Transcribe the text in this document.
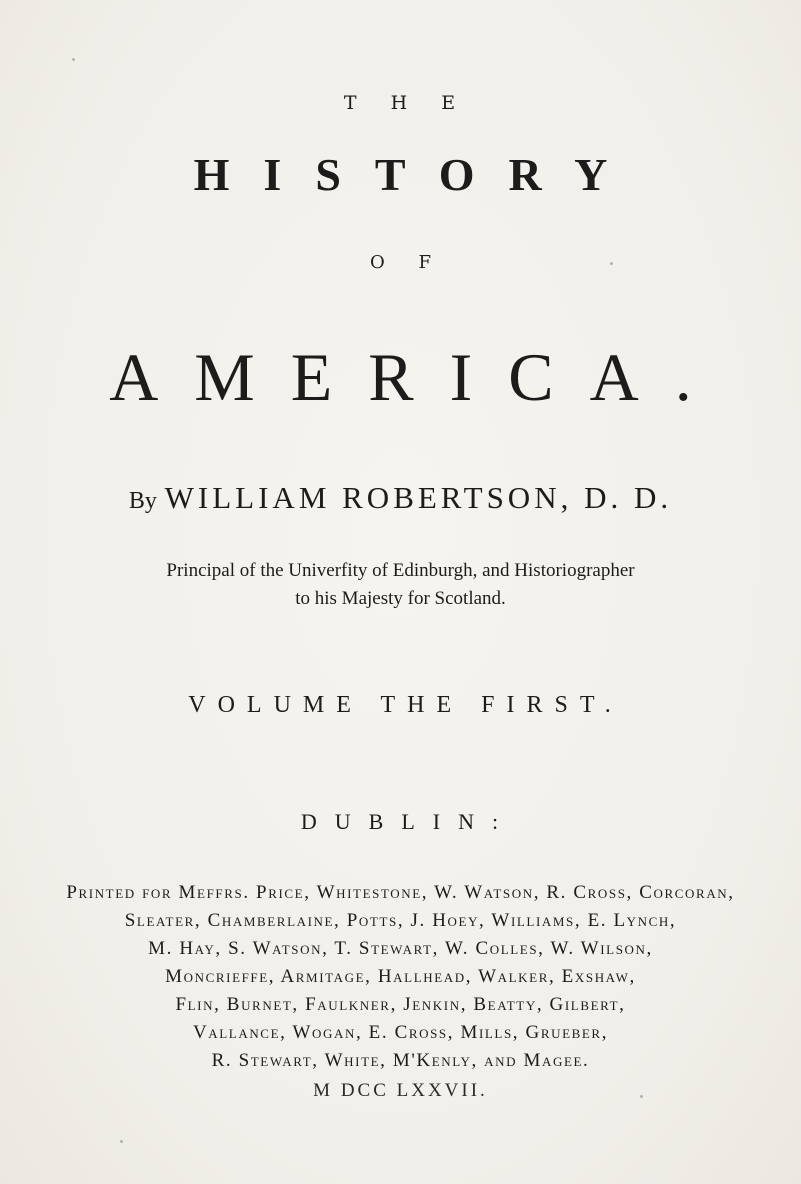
T H E
HISTORY
O F
AMERICA.
By WILLIAM ROBERTSON, D. D.
Principal of the Univerfity of Edinburgh, and Historiographer
to his Majesty for Scotland.
VOLUME THE FIRST.
DUBLIN:
Printed for Meffrs. Price, Whitestone, W. Watson, R. Cross, Corcoran,
Sleater, Chamberlaine, Potts, J. Hoey, Williams, E. Lynch,
M. Hay, S. Watson, T. Stewart, W. Colles, W. Wilson,
Moncrieffe, Armitage, Hallhead, Walker, Exshaw,
Flin, Burnet, Faulkner, Jenkin, Beatty, Gilbert,
Vallance, Wogan, E. Cross, Mills, Grueber,
R. Stewart, White, M'Kenly, and Magee.
M DCC LXXVII.
